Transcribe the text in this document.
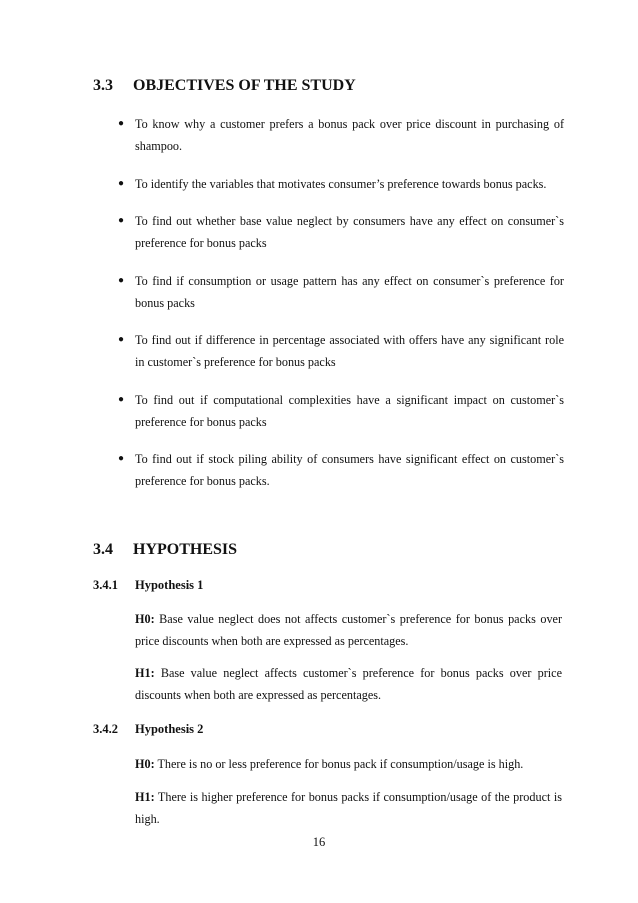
3.3	OBJECTIVES OF THE STUDY
● To know why a customer prefers a bonus pack over price discount in purchasing of shampoo.
● To identify the variables that motivates consumer’s preference towards bonus packs.
● To find out whether base value neglect by consumers have any effect on consumer`s preference for bonus packs
● To find if consumption or usage pattern has any effect on consumer`s preference for bonus packs
● To find out if difference in percentage associated with offers have any significant role in customer`s preference for bonus packs
● To find out if computational complexities have a significant impact on customer`s preference for bonus packs
● To find out if stock piling ability of consumers have significant effect on customer`s preference for bonus packs.
3.4	HYPOTHESIS
3.4.1	Hypothesis 1
H0: Base value neglect does not affects customer`s preference for bonus packs over price discounts when both are expressed as percentages.
H1: Base value neglect affects customer`s preference for bonus packs over price discounts when both are expressed as percentages.
3.4.2	Hypothesis 2
H0: There is no or less preference for bonus pack if consumption/usage is high.
H1: There is higher preference for bonus packs if consumption/usage of the product is high.
16
